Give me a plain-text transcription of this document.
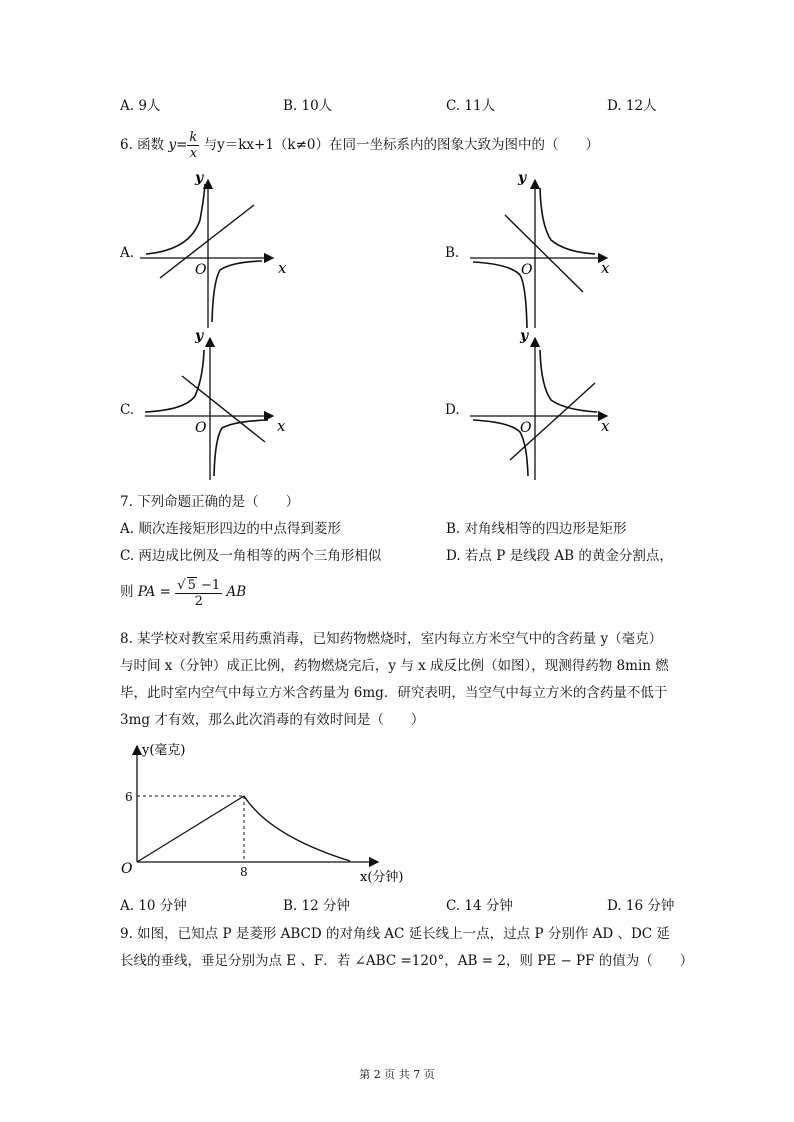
A. 9人	B. 10人	C. 11人	D. 12人
6. 函数 $y= \frac{k}{x}$ 与y＝kx+1（k≠0）在同一坐标系内的图象大致为图中的（　　）
A.	B.
C.	D.
y
x
O
y
x
O
y
x
O
y
x
O
7. 下列命题正确的是（　　）
A. 顺次连接矩形四边的中点得到菱形	B. 对角线相等的四边形是矩形
C. 两边成比例及一角相等的两个三角形相似	D. 若点 P 是线段 AB 的黄金分割点，
则 PA = $\frac{√ 5 -1}{2}$ AB
8. 某学校对教室采用药熏消毒，已知药物燃烧时，室内每立方米空气中的含药量 y（毫克）
与时间 x（分钟）成正比例，药物燃烧完后，y 与 x 成反比例（如图），现测得药物 8min 燃
毕，此时室内空气中每立方米含药量为 6mg．研究表明，当空气中每立方米的含药量不低于
3mg 才有效，那么此次消毒的有效时间是（　　）
y(毫克)
x(分钟)
O
6
8
A. 10 分钟	B. 12 分钟	C. 14 分钟	D. 16 分钟
9. 如图，已知点 P 是菱形 ABCD 的对角线 AC 延长线上一点，过点 P 分别作 AD 、DC 延
长线的垂线，垂足分别为点 E 、F．若 ∠ABC =120°，AB = 2，则 PE − PF 的值为（　　）
第 2 页 共 7 页
